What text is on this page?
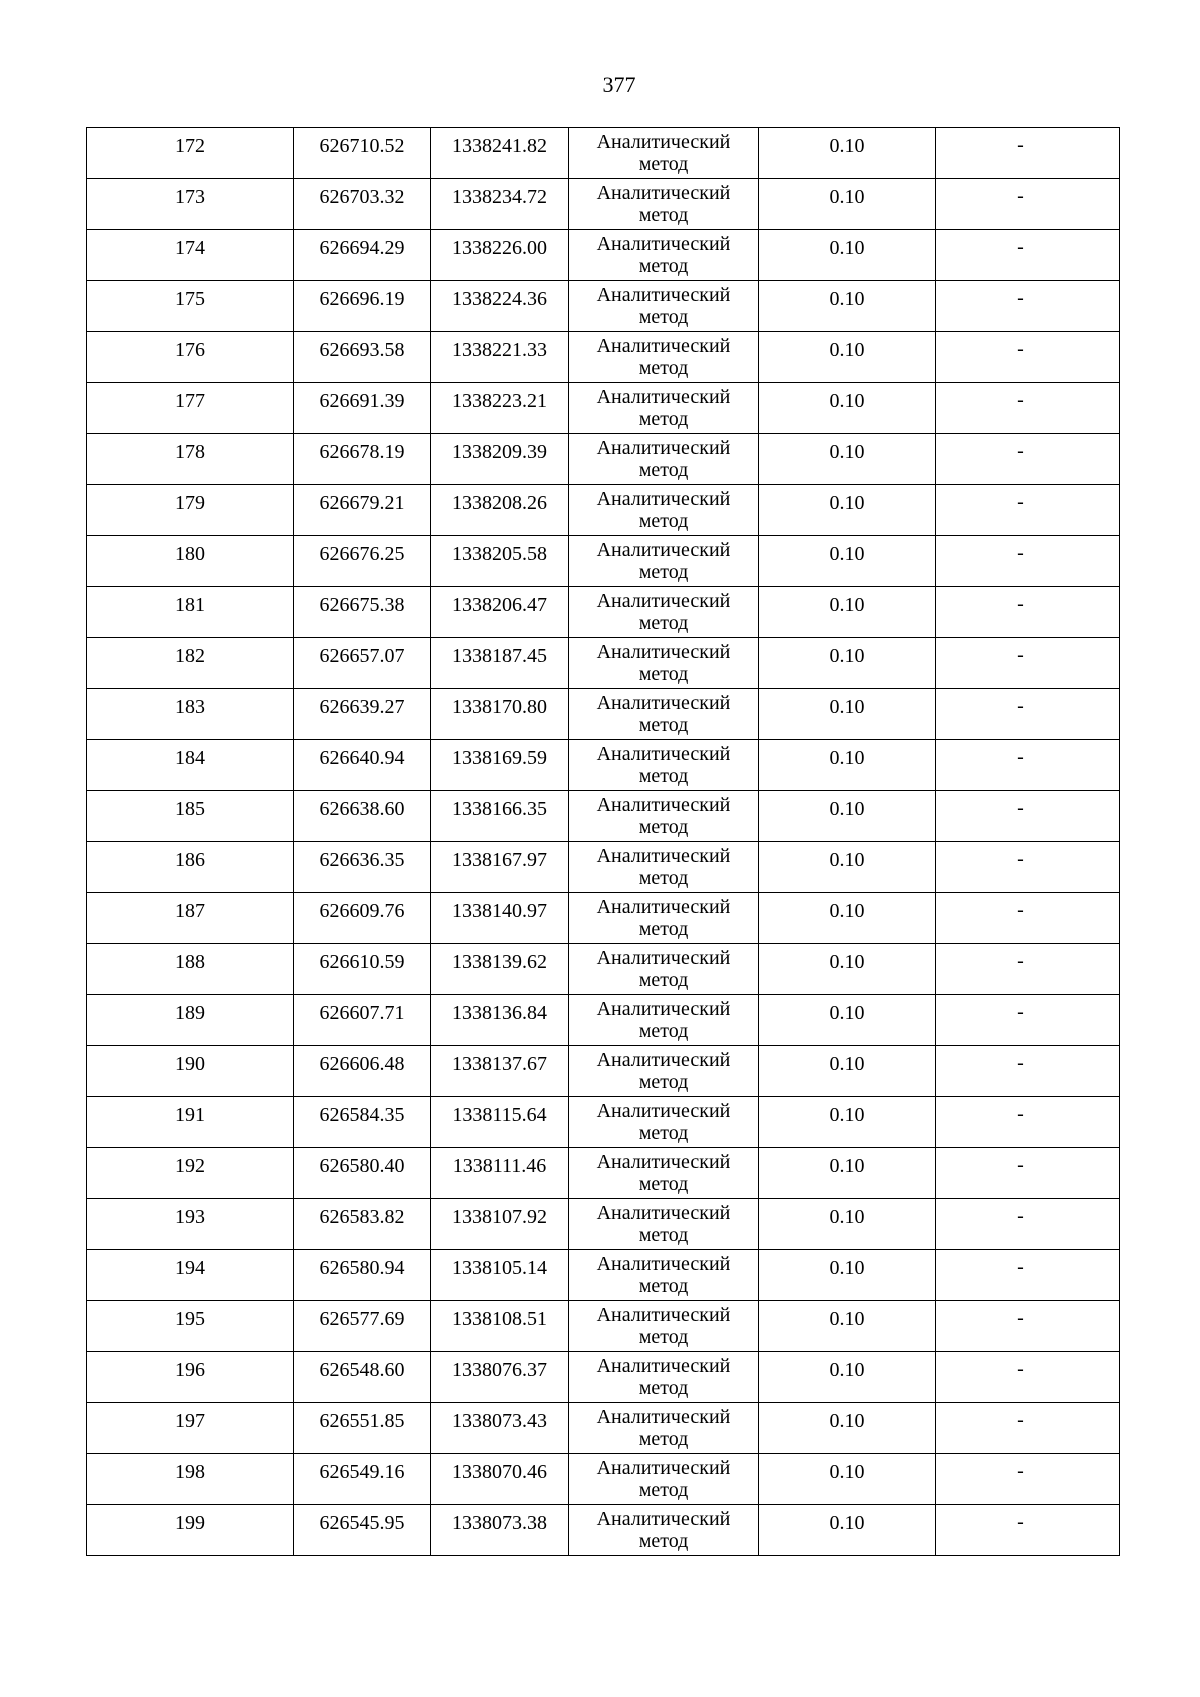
377
172	626710.52	1338241.82	Аналитический
метод	0.10	-

173	626703.32	1338234.72	Аналитический
метод	0.10	-

174	626694.29	1338226.00	Аналитический
метод	0.10	-

175	626696.19	1338224.36	Аналитический
метод	0.10	-

176	626693.58	1338221.33	Аналитический
метод	0.10	-

177	626691.39	1338223.21	Аналитический
метод	0.10	-

178	626678.19	1338209.39	Аналитический
метод	0.10	-

179	626679.21	1338208.26	Аналитический
метод	0.10	-

180	626676.25	1338205.58	Аналитический
метод	0.10	-

181	626675.38	1338206.47	Аналитический
метод	0.10	-

182	626657.07	1338187.45	Аналитический
метод	0.10	-

183	626639.27	1338170.80	Аналитический
метод	0.10	-

184	626640.94	1338169.59	Аналитический
метод	0.10	-

185	626638.60	1338166.35	Аналитический
метод	0.10	-

186	626636.35	1338167.97	Аналитический
метод	0.10	-

187	626609.76	1338140.97	Аналитический
метод	0.10	-

188	626610.59	1338139.62	Аналитический
метод	0.10	-

189	626607.71	1338136.84	Аналитический
метод	0.10	-

190	626606.48	1338137.67	Аналитический
метод	0.10	-

191	626584.35	1338115.64	Аналитический
метод	0.10	-

192	626580.40	1338111.46	Аналитический
метод	0.10	-

193	626583.82	1338107.92	Аналитический
метод	0.10	-

194	626580.94	1338105.14	Аналитический
метод	0.10	-

195	626577.69	1338108.51	Аналитический
метод	0.10	-

196	626548.60	1338076.37	Аналитический
метод	0.10	-

197	626551.85	1338073.43	Аналитический
метод	0.10	-

198	626549.16	1338070.46	Аналитический
метод	0.10	-

199	626545.95	1338073.38	Аналитический
метод	0.10	-
